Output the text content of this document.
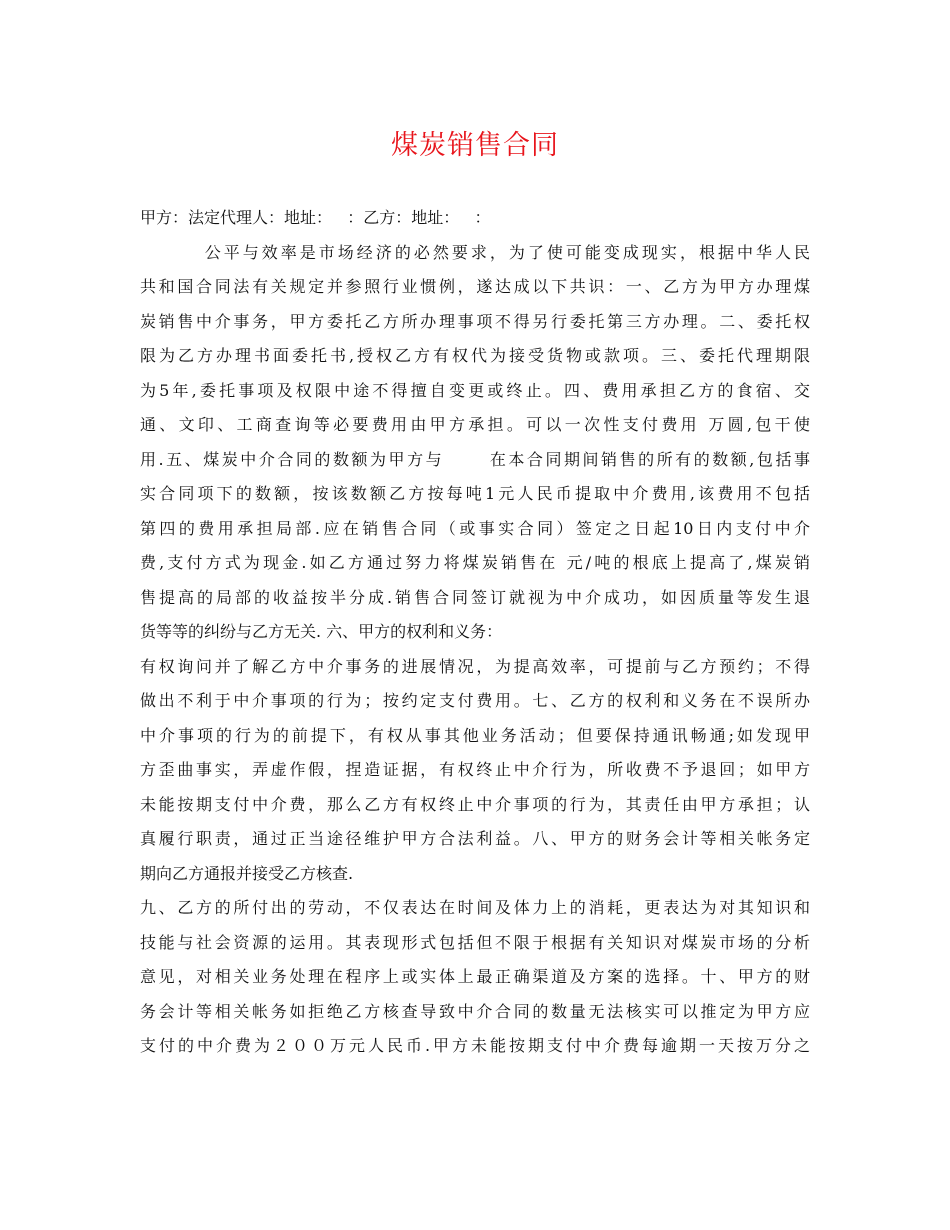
煤炭销售合同
甲方：法定代理人：地址：   ：乙方：地址：   ：
公平与效率是市场经济的必然要求，为了使可能变成现实，根据中华人民
共和国合同法有关规定并参照行业惯例，遂达成以下共识：一、乙方为甲方办理煤
炭销售中介事务，甲方委托乙方所办理事项不得另行委托第三方办理。二、委托权
限为乙方办理书面委托书,授权乙方有权代为接受货物或款项。三、委托代理期限
为5年,委托事项及权限中途不得擅自变更或终止。四、费用承担乙方的食宿、交
通、文印、工商查询等必要费用由甲方承担。可以一次性支付费用 万圆,包干使
用.五、煤炭中介合同的数额为甲方与      在本合同期间销售的所有的数额,包括事
实合同项下的数额，按该数额乙方按每吨1元人民币提取中介费用,该费用不包括
第四的费用承担局部.应在销售合同（或事实合同）签定之日起10日内支付中介
费,支付方式为现金.如乙方通过努力将煤炭销售在 元/吨的根底上提高了,煤炭销
售提高的局部的收益按半分成.销售合同签订就视为中介成功，如因质量等发生退
货等等的纠纷与乙方无关. 六、甲方的权利和义务：
有权询问并了解乙方中介事务的进展情况，为提高效率，可提前与乙方预约；不得
做出不利于中介事项的行为；按约定支付费用。七、乙方的权利和义务在不误所办
中介事项的行为的前提下，有权从事其他业务活动；但要保持通讯畅通;如发现甲
方歪曲事实，弄虚作假，捏造证据，有权终止中介行为，所收费不予退回；如甲方
未能按期支付中介费，那么乙方有权终止中介事项的行为，其责任由甲方承担；认
真履行职责，通过正当途径维护甲方合法利益。八、甲方的财务会计等相关帐务定
期向乙方通报并接受乙方核查.
九、乙方的所付出的劳动，不仅表达在时间及体力上的消耗，更表达为对其知识和
技能与社会资源的运用。其表现形式包括但不限于根据有关知识对煤炭市场的分析
意见，对相关业务处理在程序上或实体上最正确渠道及方案的选择。十、甲方的财
务会计等相关帐务如拒绝乙方核查导致中介合同的数量无法核实可以推定为甲方应
支付的中介费为２００万元人民币.甲方未能按期支付中介费每逾期一天按万分之
